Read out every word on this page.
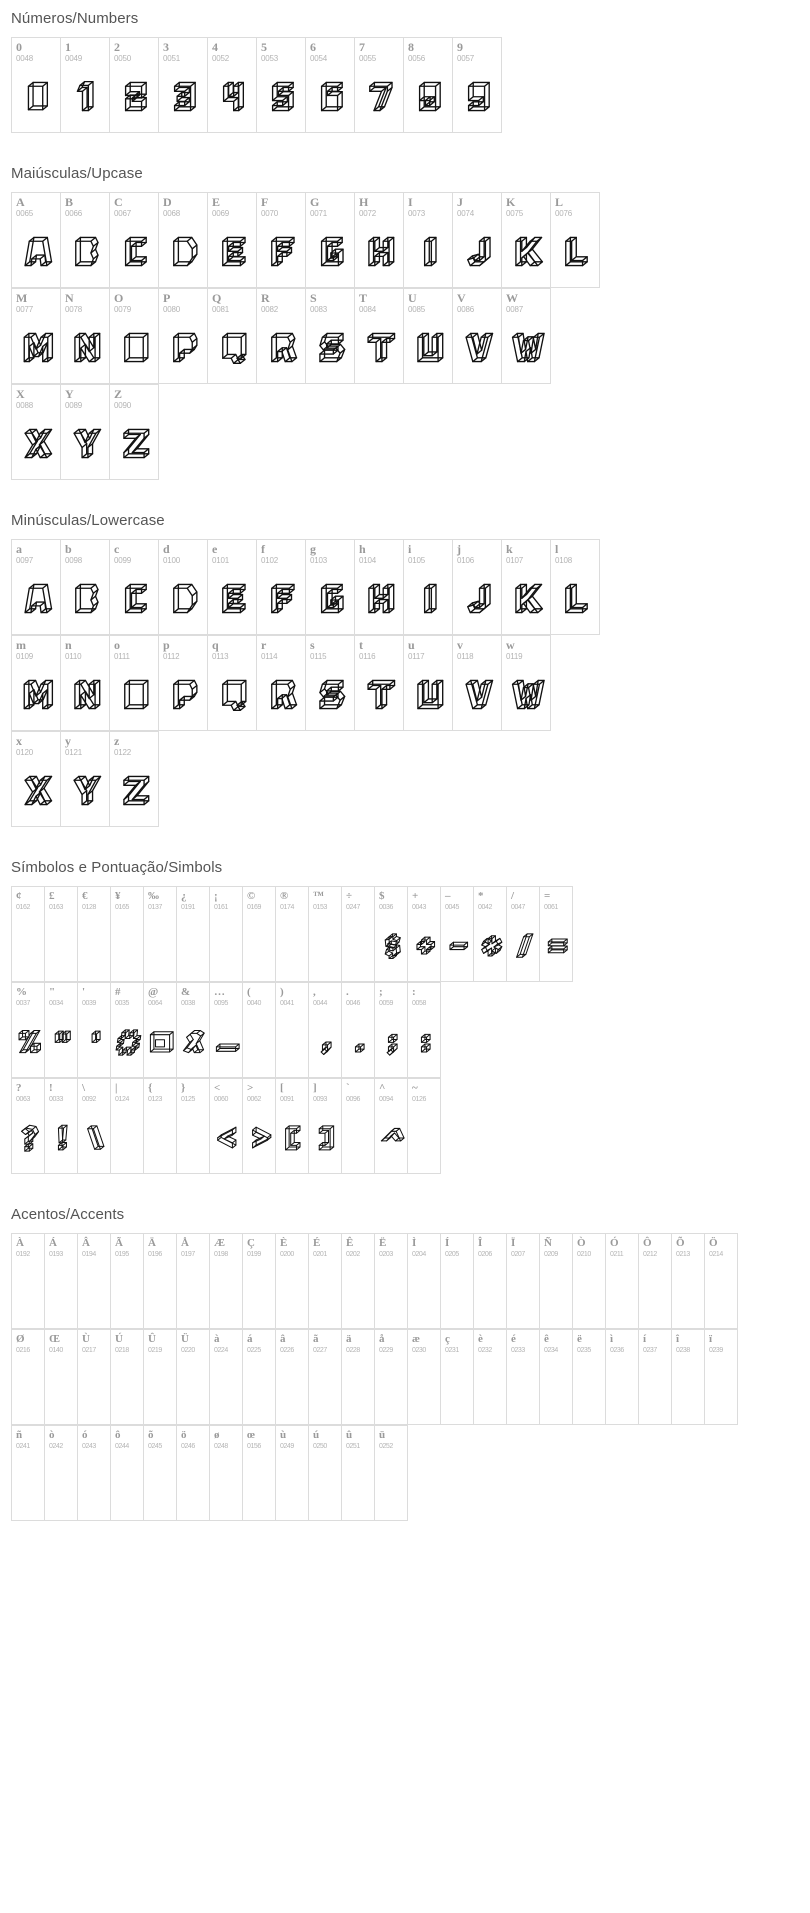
Números/Numbers
0
0048
1
0049
2
0050
3
0051
4
0052
5
0053
6
0054
7
0055
8
0056
9
0057
Maiúsculas/Upcase
A
0065
B
0066
C
0067
D
0068
E
0069
F
0070
G
0071
H
0072
I
0073
J
0074
K
0075
L
0076
M
0077
N
0078
O
0079
P
0080
Q
0081
R
0082
S
0083
T
0084
U
0085
V
0086
W
0087
X
0088
Y
0089
Z
0090
Minúsculas/Lowercase
a
0097
b
0098
c
0099
d
0100
e
0101
f
0102
g
0103
h
0104
i
0105
j
0106
k
0107
l
0108
m
0109
n
0110
o
0111
p
0112
q
0113
r
0114
s
0115
t
0116
u
0117
v
0118
w
0119
x
0120
y
0121
z
0122
Símbolos e Pontuação/Simbols
¢
0162
£
0163
€
0128
¥
0165
‰
0137
¿
0191
¡
0161
©
0169
®
0174
™
0153
÷
0247
$
0036
+
0043
–
0045
*
0042
/
0047
=
0061
%
0037
"
0034
'
0039
#
0035
@
0064
&
0038
…
0095
(
0040
)
0041
,
0044
.
0046
;
0059
:
0058
?
0063
!
0033
\
0092
|
0124
{
0123
}
0125
<
0060
>
0062
[
0091
]
0093
`
0096
^
0094
~
0126
Acentos/Accents
À
0192
Á
0193
Â
0194
Ã
0195
Ä
0196
Å
0197
Æ
0198
Ç
0199
È
0200
É
0201
Ê
0202
Ë
0203
Ì
0204
Í
0205
Î
0206
Ï
0207
Ñ
0209
Ò
0210
Ó
0211
Ô
0212
Õ
0213
Ö
0214
Ø
0216
Œ
0140
Ù
0217
Ú
0218
Û
0219
Ü
0220
à
0224
á
0225
â
0226
ã
0227
ä
0228
å
0229
æ
0230
ç
0231
è
0232
é
0233
ê
0234
ë
0235
ì
0236
í
0237
î
0238
ï
0239
ñ
0241
ò
0242
ó
0243
ô
0244
õ
0245
ö
0246
ø
0248
œ
0156
ù
0249
ú
0250
û
0251
ü
0252
